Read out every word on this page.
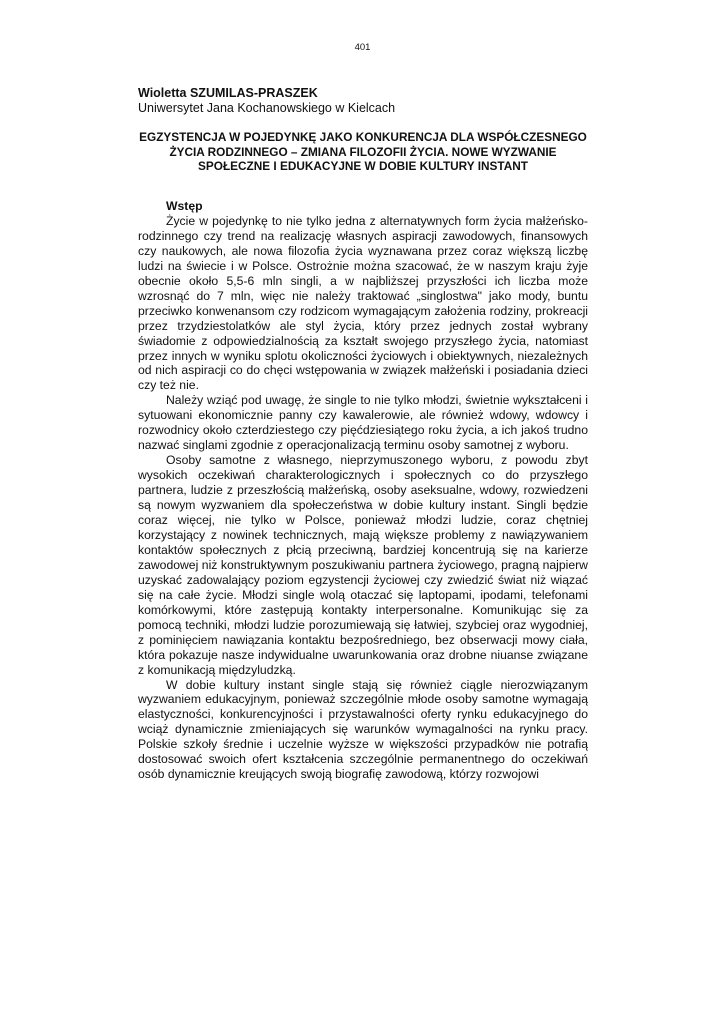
401
Wioletta SZUMILAS-PRASZEK
Uniwersytet Jana Kochanowskiego w Kielcach
EGZYSTENCJA W POJEDYNKĘ JAKO KONKURENCJA DLA WSPÓŁCZESNEGO ŻYCIA RODZINNEGO – ZMIANA FILOZOFII ŻYCIA. NOWE WYZWANIE SPOŁECZNE I EDUKACYJNE W DOBIE KULTURY INSTANT
Wstęp

Życie w pojedynkę to nie tylko jedna z alternatywnych form życia małżeńsko-rodzinnego czy trend na realizację własnych aspiracji zawodowych, finansowych czy naukowych, ale nowa filozofia życia wyznawana przez coraz większą liczbę ludzi na świecie i w Polsce. Ostrożnie można szacować, że w naszym kraju żyje obecnie około 5,5-6 mln singli, a w najbliższej przyszłości ich liczba może wzrosnąć do 7 mln, więc nie należy traktować „singlostwa" jako mody, buntu przeciwko konwenansom czy rodzicom wymagającym założenia rodziny, prokreacji przez trzydziestolatków ale styl życia, który przez jednych został wybrany świadomie z odpowiedzialnością za kształt swojego przyszłego życia, natomiast przez innych w wyniku splotu okoliczności życiowych i obiektywnych, niezależnych od nich aspiracji co do chęci wstępowania w związek małżeński i posiadania dzieci czy też nie.

Należy wziąć pod uwagę, że single to nie tylko młodzi, świetnie wykształceni i sytuowani ekonomicznie panny czy kawalerowie, ale również wdowy, wdowcy i rozwodnicy około czterdziestego czy pięćdziesiątego roku życia, a ich jakoś trudno nazwać singlami zgodnie z operacjonalizacją terminu osoby samotnej z wyboru.

Osoby samotne z własnego, nieprzymuszonego wyboru, z powodu zbyt wysokich oczekiwań charakterologicznych i społecznych co do przyszłego partnera, ludzie z przeszłością małżeńską, osoby aseksualne, wdowy, rozwiedzeni są nowym wyzwaniem dla społeczeństwa w dobie kultury instant. Singli będzie coraz więcej, nie tylko w Polsce, ponieważ młodzi ludzie, coraz chętniej korzystający z nowinek technicznych, mają większe problemy z nawiązywaniem kontaktów społecznych z płcią przeciwną, bardziej koncentrują się na karierze zawodowej niż konstruktywnym poszukiwaniu partnera życiowego, pragną najpierw uzyskać zadowalający poziom egzystencji życiowej czy zwiedzić świat niż wiązać się na całe życie. Młodzi single wolą otaczać się laptopami, ipodami, telefonami komórkowymi, które zastępują kontakty interpersonalne. Komunikując się za pomocą techniki, młodzi ludzie porozumiewają się łatwiej, szybciej oraz wygodniej, z pominięciem nawiązania kontaktu bezpośredniego, bez obserwacji mowy ciała, która pokazuje nasze indywidualne uwarunkowania oraz drobne niuanse związane z komunikacją międzyludzką.

W dobie kultury instant single stają się również ciągle nierozwiązanym wyzwaniem edukacyjnym, ponieważ szczególnie młode osoby samotne wymagają elastyczności, konkurencyjności i przystawalności oferty rynku edukacyjnego do wciąż dynamicznie zmieniających się warunków wymagalności na rynku pracy. Polskie szkoły średnie i uczelnie wyższe w większości przypadków nie potrafią dostosować swoich ofert kształcenia szczególnie permanentnego do oczekiwań osób dynamicznie kreujących swoją biografię zawodową, którzy rozwojowi
